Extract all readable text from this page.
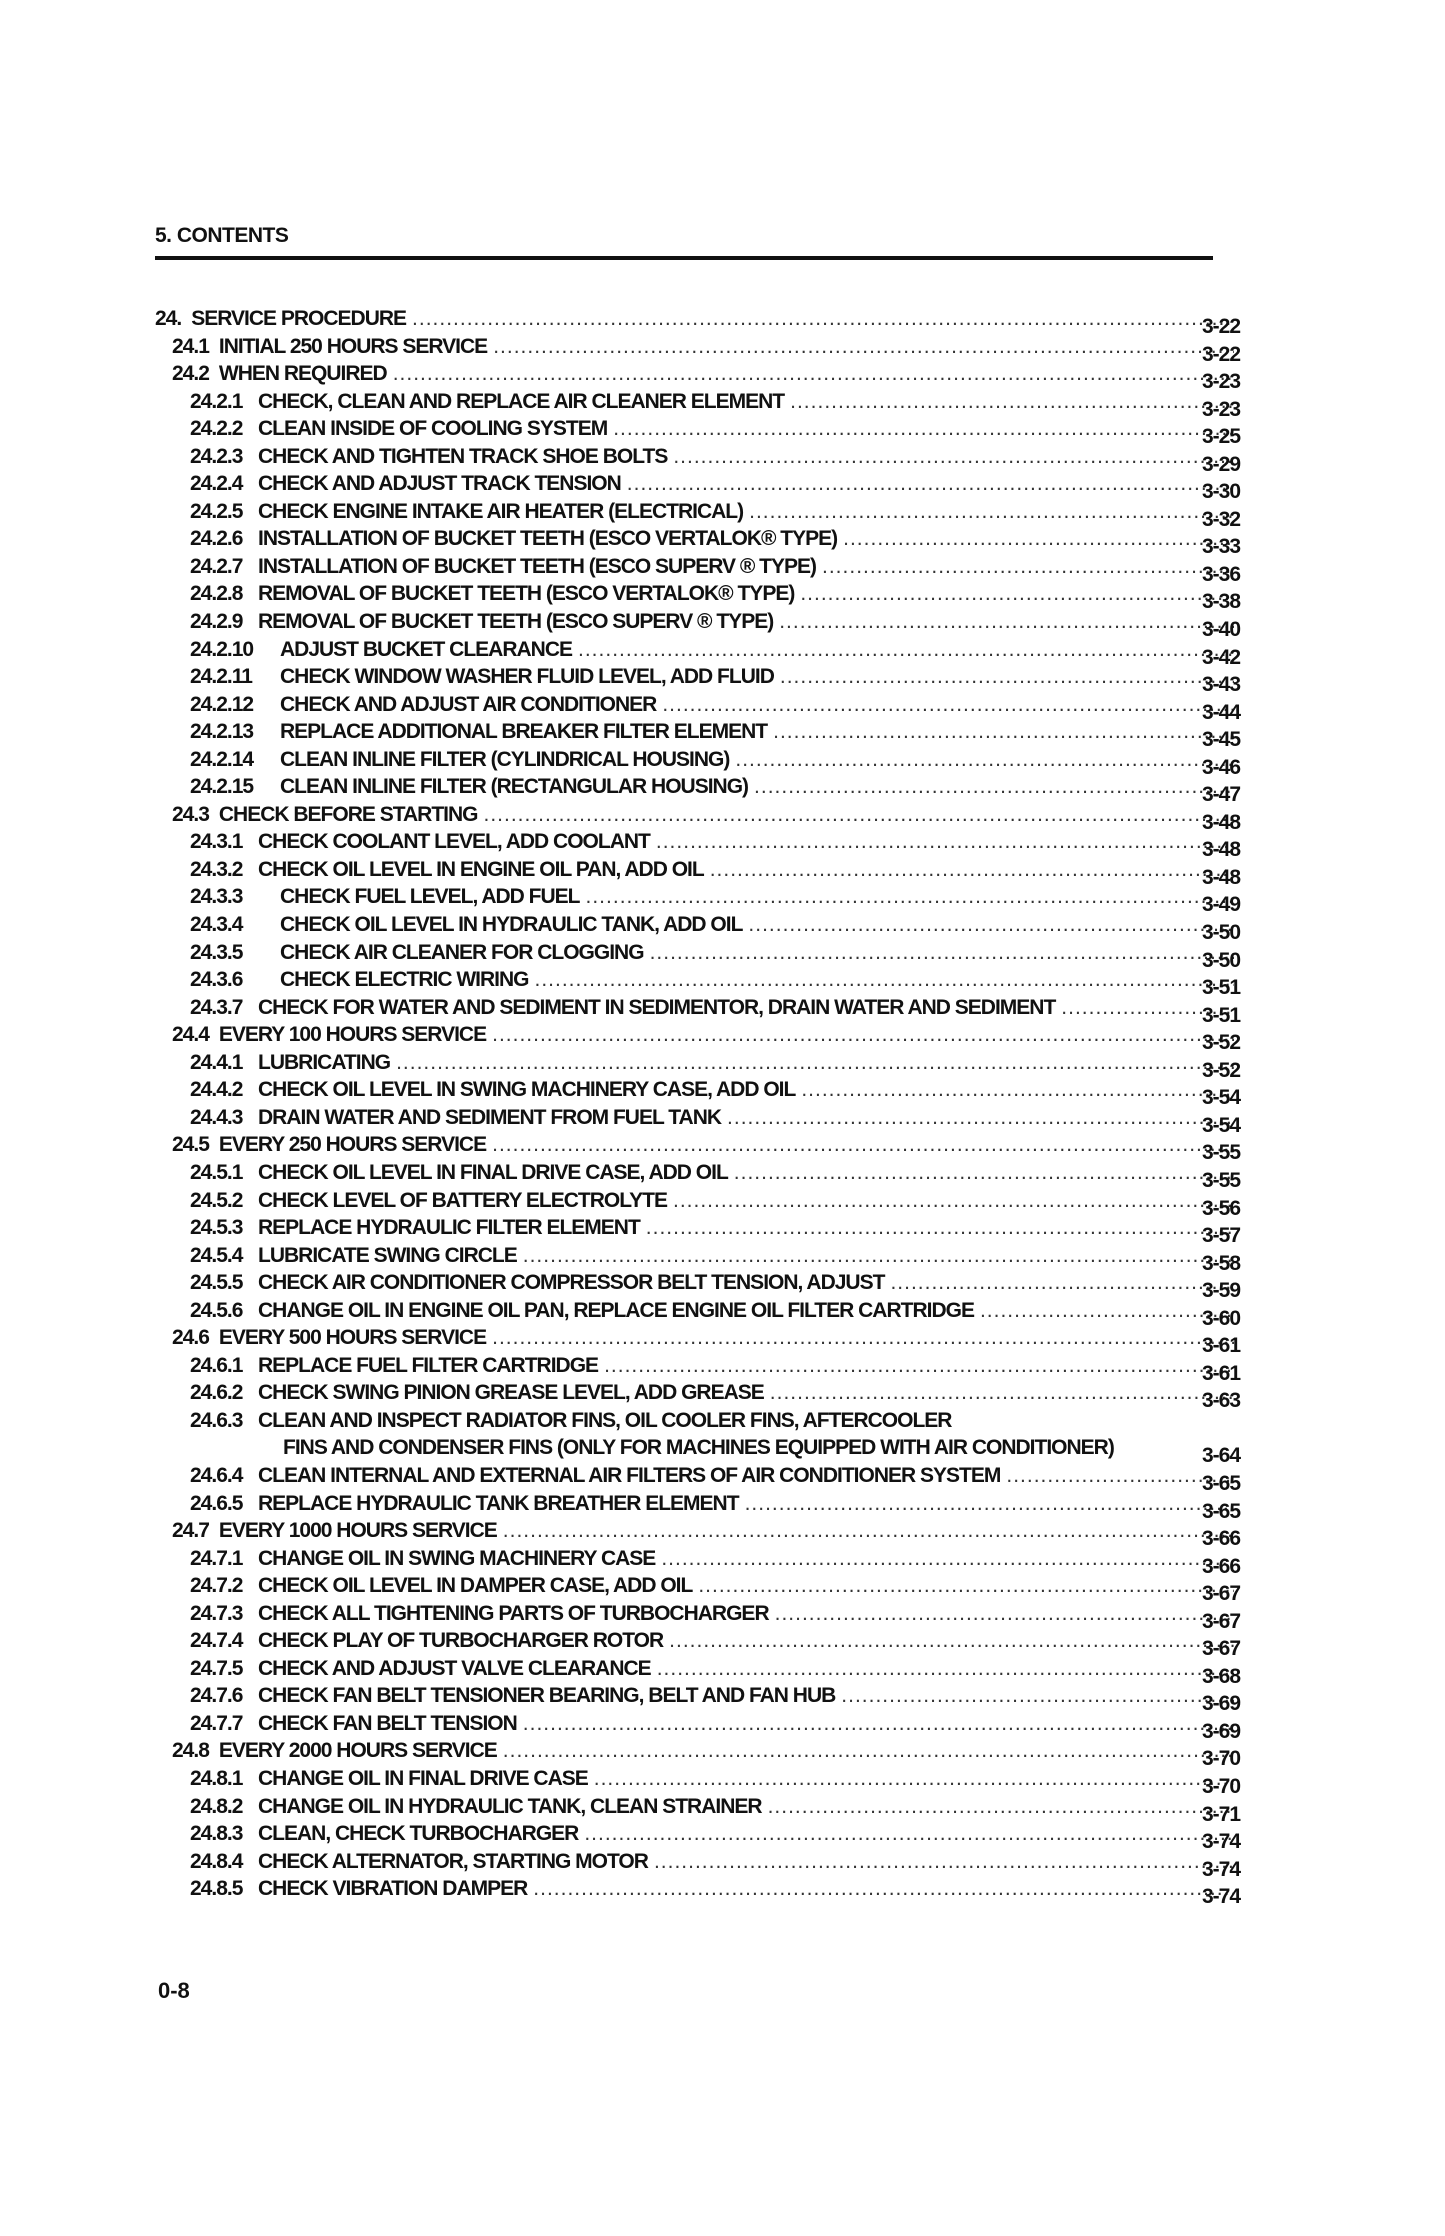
5. CONTENTS
24. SERVICE PROCEDURE .....	3-22
24.1 INITIAL 250 HOURS SERVICE .....	3-22
24.2 WHEN REQUIRED .....	3-23
24.2.1 CHECK, CLEAN AND REPLACE AIR CLEANER ELEMENT .....	3-23
24.2.2 CLEAN INSIDE OF COOLING SYSTEM .....	3-25
24.2.3 CHECK AND TIGHTEN TRACK SHOE BOLTS .....	3-29
24.2.4 CHECK AND ADJUST TRACK TENSION .....	3-30
24.2.5 CHECK ENGINE INTAKE AIR HEATER (ELECTRICAL) .....	3-32
24.2.6 INSTALLATION OF BUCKET TEETH (ESCO VERTALOK® TYPE) .....	3-33
24.2.7 INSTALLATION OF BUCKET TEETH (ESCO SUPERV ® TYPE) .....	3-36
24.2.8 REMOVAL OF BUCKET TEETH (ESCO VERTALOK® TYPE) .....	3-38
24.2.9 REMOVAL OF BUCKET TEETH (ESCO SUPERV ® TYPE) .....	3-40
24.2.10	ADJUST BUCKET CLEARANCE .....	3-42
24.2.11	CHECK WINDOW WASHER FLUID LEVEL, ADD FLUID .....	3-43
24.2.12	CHECK AND ADJUST AIR CONDITIONER .....	3-44
24.2.13	REPLACE ADDITIONAL BREAKER FILTER ELEMENT .....	3-45
24.2.14	CLEAN INLINE FILTER (CYLINDRICAL HOUSING) .....	3-46
24.2.15	CLEAN INLINE FILTER (RECTANGULAR HOUSING) .....	3-47
24.3 CHECK BEFORE STARTING .....	3-48
24.3.1 CHECK COOLANT LEVEL, ADD COOLANT .....	3-48
24.3.2 CHECK OIL LEVEL IN ENGINE OIL PAN, ADD OIL .....	3-48
24.3.3	CHECK FUEL LEVEL, ADD FUEL .....	3-49
24.3.4	CHECK OIL LEVEL IN HYDRAULIC TANK, ADD OIL .....	3-50
24.3.5	CHECK AIR CLEANER FOR CLOGGING .....	3-50
24.3.6	CHECK ELECTRIC WIRING .....	3-51
24.3.7 CHECK FOR WATER AND SEDIMENT IN SEDIMENTOR, DRAIN WATER AND SEDIMENT .....	3-51
24.4 EVERY 100 HOURS SERVICE .....	3-52
24.4.1 LUBRICATING .....	3-52
24.4.2 CHECK OIL LEVEL IN SWING MACHINERY CASE, ADD OIL .....	3-54
24.4.3 DRAIN WATER AND SEDIMENT FROM FUEL TANK .....	3-54
24.5 EVERY 250 HOURS SERVICE .....	3-55
24.5.1 CHECK OIL LEVEL IN FINAL DRIVE CASE, ADD OIL .....	3-55
24.5.2 CHECK LEVEL OF BATTERY ELECTROLYTE .....	3-56
24.5.3 REPLACE HYDRAULIC FILTER ELEMENT .....	3-57
24.5.4 LUBRICATE SWING CIRCLE .....	3-58
24.5.5 CHECK AIR CONDITIONER COMPRESSOR BELT TENSION, ADJUST .....	3-59
24.5.6 CHANGE OIL IN ENGINE OIL PAN, REPLACE ENGINE OIL FILTER CARTRIDGE .....	3-60
24.6 EVERY 500 HOURS SERVICE .....	3-61
24.6.1 REPLACE FUEL FILTER CARTRIDGE .....	3-61
24.6.2 CHECK SWING PINION GREASE LEVEL, ADD GREASE .....	3-63
24.6.3 CLEAN AND INSPECT RADIATOR FINS, OIL COOLER FINS, AFTERCOOLER
FINS AND CONDENSER FINS (ONLY FOR MACHINES EQUIPPED WITH AIR CONDITIONER)	3-64
24.6.4 CLEAN INTERNAL AND EXTERNAL AIR FILTERS OF AIR CONDITIONER SYSTEM .....	3-65
24.6.5 REPLACE HYDRAULIC TANK BREATHER ELEMENT .....	3-65
24.7 EVERY 1000 HOURS SERVICE .....	3-66
24.7.1 CHANGE OIL IN SWING MACHINERY CASE .....	3-66
24.7.2 CHECK OIL LEVEL IN DAMPER CASE, ADD OIL .....	3-67
24.7.3 CHECK ALL TIGHTENING PARTS OF TURBOCHARGER .....	3-67
24.7.4 CHECK PLAY OF TURBOCHARGER ROTOR .....	3-67
24.7.5 CHECK AND ADJUST VALVE CLEARANCE .....	3-68
24.7.6 CHECK FAN BELT TENSIONER BEARING, BELT AND FAN HUB .....	3-69
24.7.7 CHECK FAN BELT TENSION .....	3-69
24.8 EVERY 2000 HOURS SERVICE .....	3-70
24.8.1 CHANGE OIL IN FINAL DRIVE CASE .....	3-70
24.8.2 CHANGE OIL IN HYDRAULIC TANK, CLEAN STRAINER .....	3-71
24.8.3 CLEAN, CHECK TURBOCHARGER .....	3-74
24.8.4 CHECK ALTERNATOR, STARTING MOTOR .....	3-74
24.8.5 CHECK VIBRATION DAMPER .....	3-74
0-8
